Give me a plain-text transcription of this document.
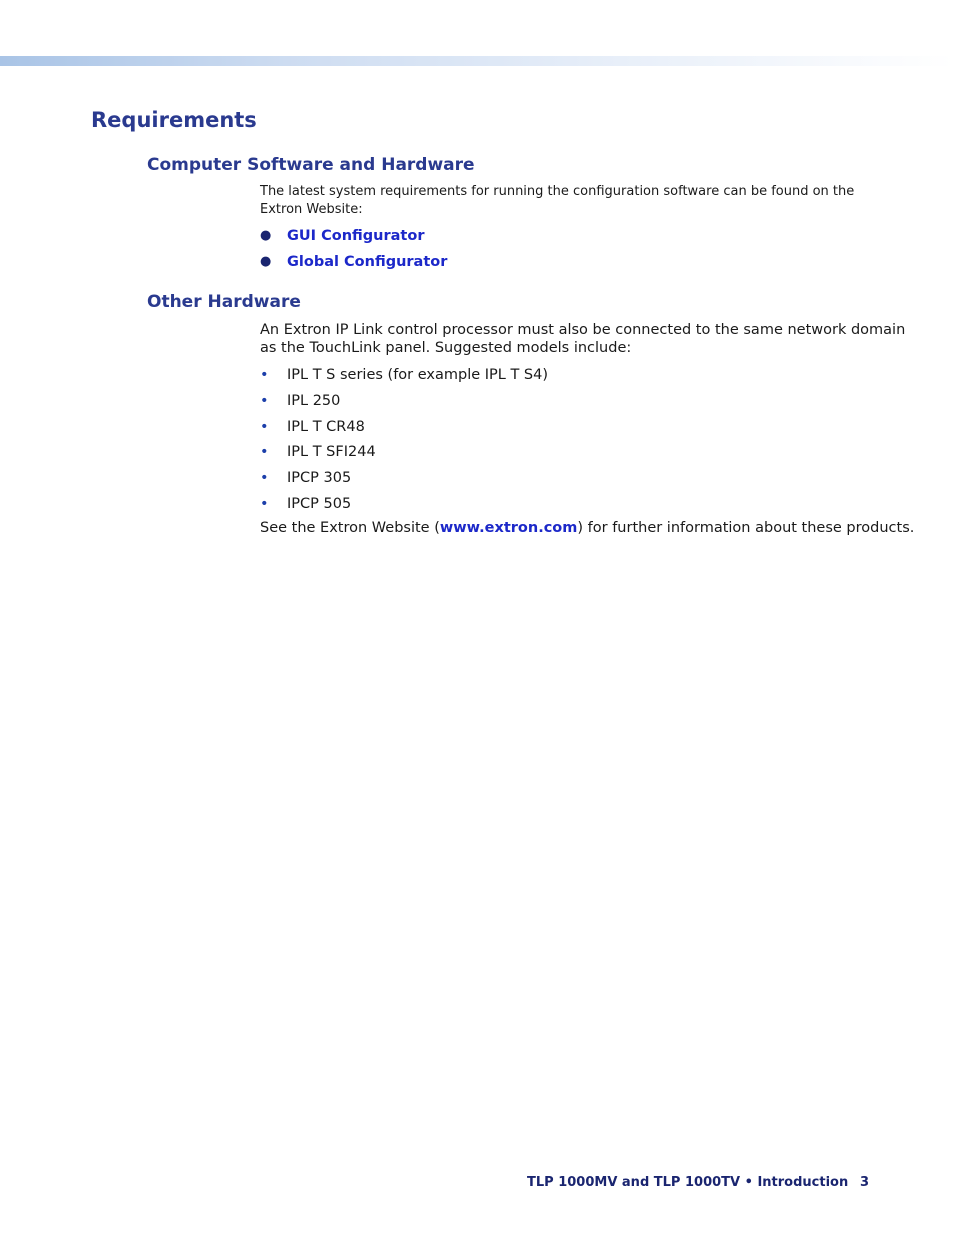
Requirements
Computer Software and Hardware
The latest system requirements for running the configuration software can be found on the
Extron Website:
● GUI Configurator
● Global Configurator
Other Hardware
An Extron IP Link control processor must also be connected to the same network domain
as the TouchLink panel. Suggested models include:
• IPL T S series (for example IPL T S4)
• IPL 250
• IPL T CR48
• IPL T SFI244
• IPCP 305
• IPCP 505
See the Extron Website (www.extron.com) for further information about these products.
TLP 1000MV and TLP 1000TV • Introduction 3
